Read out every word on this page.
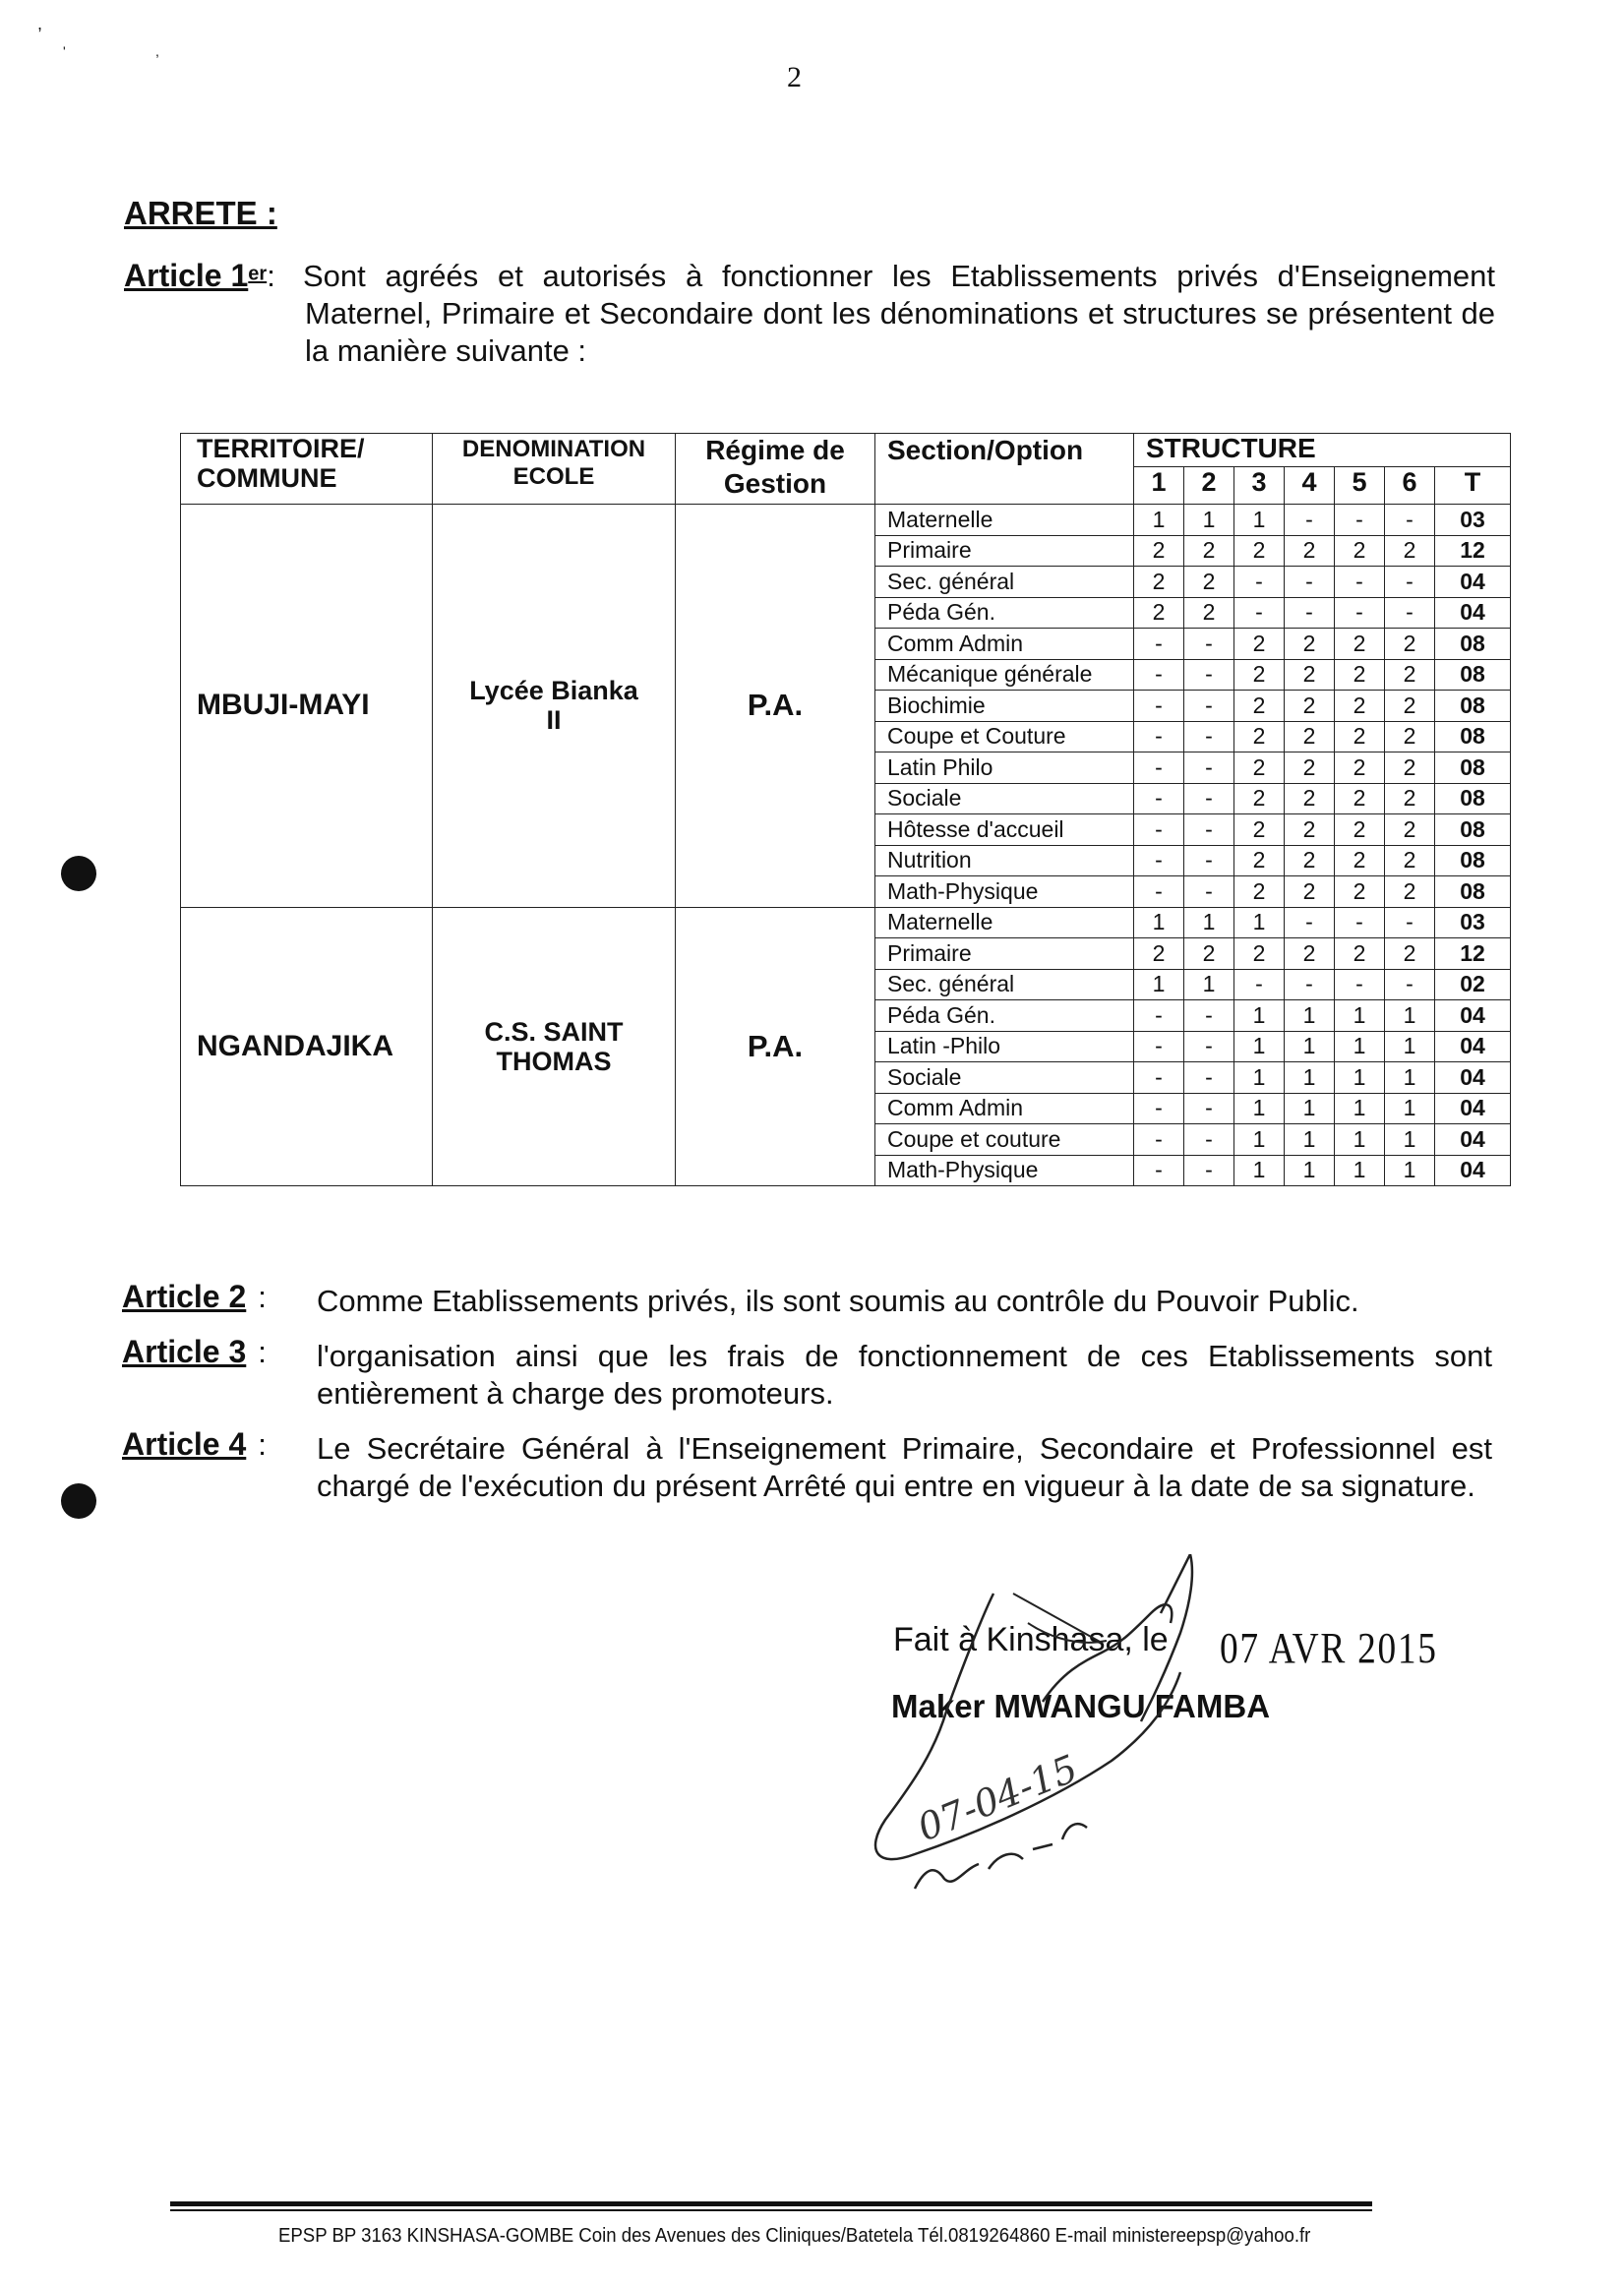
2
,
'	,
ARRETE :
Article 1er: Sont agréés et autorisés à fonctionner les Etablissements privés d'Enseignement Maternel, Primaire et Secondaire dont les dénominations et structures se présentent de la manière suivante :
TERRITOIRE/ COMMUNE	DENOMINATION ECOLE	Régime de Gestion	Section/Option	STRUCTURE						
				1	2	3	4	5	6	T
MBUJI-MAYI	Lycée Bianka II	P.A.	Maternelle	1	1	1	-	-	-	03
			Primaire	2	2	2	2	2	2	12
			Sec. général	2	2	-	-	-	-	04
			Péda Gén.	2	2	-	-	-	-	04
			Comm Admin	-	-	2	2	2	2	08
			Mécanique générale	-	-	2	2	2	2	08
			Biochimie	-	-	2	2	2	2	08
			Coupe et Couture	-	-	2	2	2	2	08
			Latin Philo	-	-	2	2	2	2	08
			Sociale	-	-	2	2	2	2	08
			Hôtesse d'accueil	-	-	2	2	2	2	08
			Nutrition	-	-	2	2	2	2	08
			Math-Physique	-	-	2	2	2	2	08
NGANDAJIKA	C.S. SAINT THOMAS	P.A.	Maternelle	1	1	1	-	-	-	03
			Primaire	2	2	2	2	2	2	12
			Sec. général	1	1	-	-	-	-	02
			Péda Gén.	-	-	1	1	1	1	04
			Latin -Philo	-	-	1	1	1	1	04
			Sociale	-	-	1	1	1	1	04
			Comm Admin	-	-	1	1	1	1	04
			Coupe et couture	-	-	1	1	1	1	04
			Math-Physique	-	-	1	1	1	1	04
Article 2 : Comme Etablissements privés, ils sont soumis au contrôle du Pouvoir Public.
Article 3 : l'organisation ainsi que les frais de fonctionnement de ces Etablissements sont entièrement à charge des promoteurs.
Article 4 : Le Secrétaire Général à l'Enseignement Primaire, Secondaire et Professionnel est chargé de l'exécution du présent Arrêté qui entre en vigueur à la date de sa signature.
Fait à Kinshasa, le 07 AVR 2015
Maker MWANGU FAMBA
07-04-15
EPSP BP 3163 KINSHASA-GOMBE Coin des Avenues des Cliniques/Batetela Tél.0819264860 E-mail ministereepsp@yahoo.fr
